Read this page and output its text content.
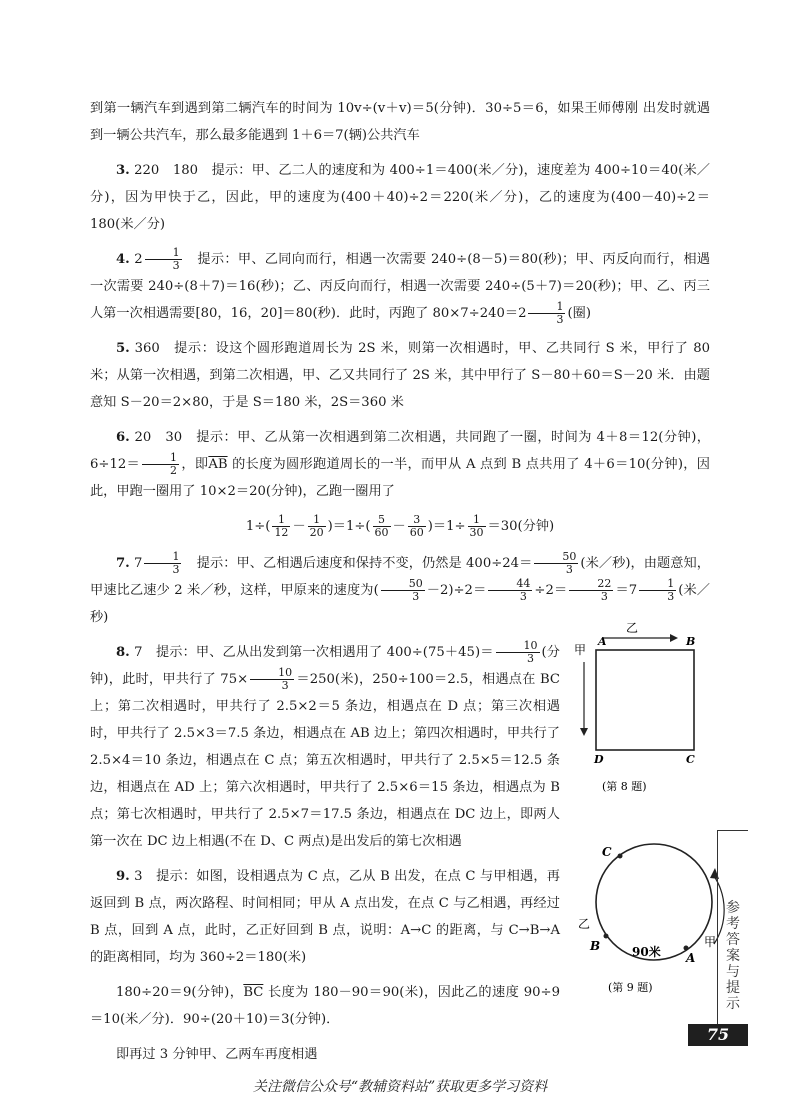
到第一辆汽车到遇到第二辆汽车的时间为 10v÷(v＋v)＝5(分钟)．30÷5＝6，如果王师傅刚 出发时就遇到一辆公共汽车，那么最多能遇到 1＋6＝7(辆)公共汽车

3. 220　180　提示：甲、乙二人的速度和为 400÷1＝400(米／分)，速度差为 400÷10＝40(米／分)，因为甲快于乙，因此，甲的速度为(400＋40)÷2＝220(米／分)，乙的速度为(400－40)÷2＝180(米／分)

4. $2 \frac{1}{3}$ 　提示：甲、乙同向而行，相遇一次需要 240÷(8－5)＝80(秒)；甲、丙反向而行，相遇一次需要 240÷(8＋7)＝16(秒)；乙、丙反向而行，相遇一次需要 240÷(5＋7)＝20(秒)；甲、乙、丙三人第一次相遇需要[80，16，20]＝80(秒)．此时，丙跑了 $80\times 7\div 240=2 \frac{1}{3}$ (圈)

5. 360　提示：设这个圆形跑道周长为 2S 米，则第一次相遇时，甲、乙共同行 S 米，甲行了 80 米；从第一次相遇，到第二次相遇，甲、乙又共同行了 2S 米，其中甲行了 S－80＋60＝S－20 米．由题意知 S－20＝2×80，于是 S＝180 米，2S＝360 米

6. 20　30　提示：甲、乙从第一次相遇到第二次相遇，共同跑了一圈，时间为 4＋8＝12(分钟)，$6\div 12= \frac{1}{2}$ ，即$\overline{AB}$ 的长度为圆形跑道周长的一半，而甲从 A 点到 B 点共用了 4＋6＝10(分钟)，因此，甲跑一圈用了 10×2＝20(分钟)，乙跑一圈用了

$1\div( \frac{1}{12} - \frac{1}{20} )=1\div( \frac{5}{60} - \frac{3}{60} )=1\div \frac{1}{30} =30$(分钟)

7. $7 \frac{1}{3}$ 　提示：甲、乙相遇后速度和保持不变，仍然是 $400\div 24= \frac{50}{3}$ (米／秒)，由题意知，甲速比乙速少 2 米／秒，这样，甲原来的速度为( $\frac{50}{3} -2)\div 2= \frac{44}{3} \div 2= \frac{22}{3} =7 \frac{1}{3}$ (米／秒)

8. 7　提示：甲、乙从出发到第一次相遇用了 $400\div(75+45)= \frac{10}{3}$ (分钟)，此时，甲共行了 $75\times \frac{10}{3} =250$(米)，250÷100＝2.5，相遇点在 BC 上；第二次相遇时，甲共行了 2.5×2＝5 条边，相遇点在 D 点；第三次相遇时，甲共行了 2.5×3＝7.5 条边，相遇点在 AB 边上；第四次相遇时，甲共行了 2.5×4＝10 条边，相遇点在 C 点；第五次相遇时，甲共行了 2.5×5＝12.5 条边，相遇点在 AD 上；第六次相遇时，甲共行了 2.5×6＝15 条边，相遇点为 B 点；第七次相遇时，甲共行了 2.5×7＝17.5 条边，相遇点在 DC 边上，即两人第一次在 DC 边上相遇(不在 D、C 两点)是出发后的第七次相遇

9. 3　提示：如图，设相遇点为 C 点，乙从 B 出发，在点 C 与甲相遇，再返回到 B 点，两次路程、时间相同；甲从 A 点出发，在点 C 与乙相遇，再经过 B 点，回到 A 点，此时，乙正好回到 B 点，说明：A→C 的距离，与 C→B→A 的距离相同，均为 360÷2＝180(米)

180÷20＝9(分钟)，$\overline{BC}$ 长度为 180－90＝90(米)，因此乙的速度 90÷9＝10(米／分)．90÷(20＋10)＝3(分钟)．

即再过 3 分钟甲、乙两车再度相遇

乙
甲
A	B
D	C
(第 8 题)
C
B
A
90米
乙
甲
(第 9 题)
参考答案与提示
75
关注微信公众号“教辅资料站”获取更多学习资料
